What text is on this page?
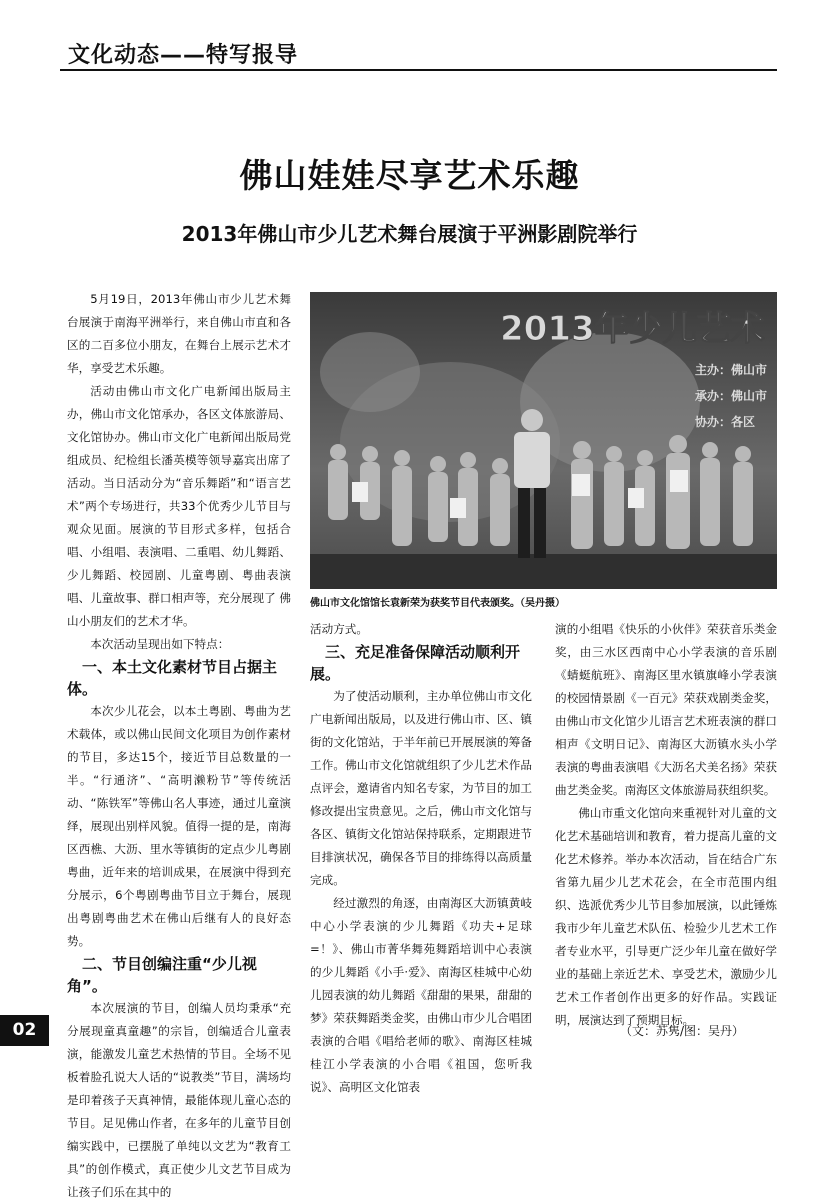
文化动态——特写报导
佛山娃娃尽享艺术乐趣
2013年佛山市少儿艺术舞台展演于平洲影剧院举行

5月19日，2013年佛山市少儿艺术舞台展演于南海平洲举行，来自佛山市直和各区的二百多位小朋友，在舞台上展示艺术才华，享受艺术乐趣。

活动由佛山市文化广电新闻出版局主办，佛山市文化馆承办，各区文体旅游局、文化馆协办。佛山市文化广电新闻出版局党组成员、纪检组长潘英模等领导嘉宾出席了活动。当日活动分为“音乐舞蹈”和“语言艺术”两个专场进行，共33个优秀少儿节目与观众见面。展演的节目形式多样，包括合唱、小组唱、表演唱、二重唱、幼儿舞蹈、少儿舞蹈、校园剧、儿童粤剧、粤曲表演唱、儿童故事、群口相声等，充分展现了 佛山小朋友们的艺术才华。

本次活动呈现出如下特点：

一、本土文化素材节目占据主体。

本次少儿花会，以本土粤剧、粤曲为艺术载体，或以佛山民间文化项目为创作素材的节目，多达15个，接近节目总数量的一半。“行通济”、“高明濑粉节”等传统活动、“陈铁军”等佛山名人事迹，通过儿童演绎，展现出别样风貌。值得一提的是，南海区西樵、大沥、里水等镇街的定点少儿粤剧粤曲，近年来的培训成果，在展演中得到充分展示，6个粤剧粤曲节目立于舞台，展现出粤剧粤曲艺术在佛山后继有人的良好态势。

二、节目创编注重“少儿视角”。

本次展演的节目，创编人员均秉承“充分展现童真童趣”的宗旨，创编适合儿童表演，能激发儿童艺术热情的节目。全场不见板着脸孔说大人话的“说教类”节目，满场均是印着孩子天真神情，最能体现儿童心态的节目。足见佛山作者，在多年的儿童节目创编实践中，已摆脱了单纯以文艺为“教育工具”的创作模式，真正使少儿文艺节目成为让孩子们乐在其中的

2013年少儿艺术
主办：佛山市
承办：佛山市
协办：各区
佛山市文化馆馆长袁新荣为获奖节目代表颁奖。（吴丹摄）

活动方式。

三、充足准备保障活动顺利开展。

为了使活动顺利，主办单位佛山市文化广电新闻出版局，以及进行佛山市、区、镇街的文化馆站，于半年前已开展展演的筹备工作。佛山市文化馆就组织了少儿艺术作品点评会，邀请省内知名专家，为节目的加工修改提出宝贵意见。之后，佛山市文化馆与各区、镇街文化馆站保持联系，定期跟进节目排演状况，确保各节目的排练得以高质量完成。

经过激烈的角逐，由南海区大沥镇黄岐中心小学表演的少儿舞蹈《功夫+足球=！》、佛山市菁华舞苑舞蹈培训中心表演的少儿舞蹈《小手·爱》、南海区桂城中心幼儿园表演的幼儿舞蹈《甜甜的果果，甜甜的梦》荣获舞蹈类金奖，由佛山市少儿合唱团表演的合唱《唱给老师的歌》、南海区桂城桂江小学表演的小合唱《祖国，您听我说》、高明区文化馆表

演的小组唱《快乐的小伙伴》荣获音乐类金奖，由三水区西南中心小学表演的音乐剧《蜻蜓航班》、南海区里水镇旗峰小学表演的校园情景剧《一百元》荣获戏剧类金奖，由佛山市文化馆少儿语言艺术班表演的群口相声《文明日记》、南海区大沥镇水头小学表演的粤曲表演唱《大沥名犬美名扬》荣获曲艺类金奖。南海区文体旅游局获组织奖。

佛山市重文化馆向来重视针对儿童的文化艺术基础培训和教育，着力提高儿童的文化艺术修养。举办本次活动，旨在结合广东省第九届少儿艺术花会，在全市范围内组织、选派优秀少儿节目参加展演，以此锤炼我市少年儿童艺术队伍、检验少儿艺术工作者专业水平，引导更广泛少年儿童在做好学业的基础上亲近艺术、享受艺术，激励少儿艺术工作者创作出更多的好作品。实践证明，展演达到了预期目标。

02	（文：苏隽/图：吴丹）
